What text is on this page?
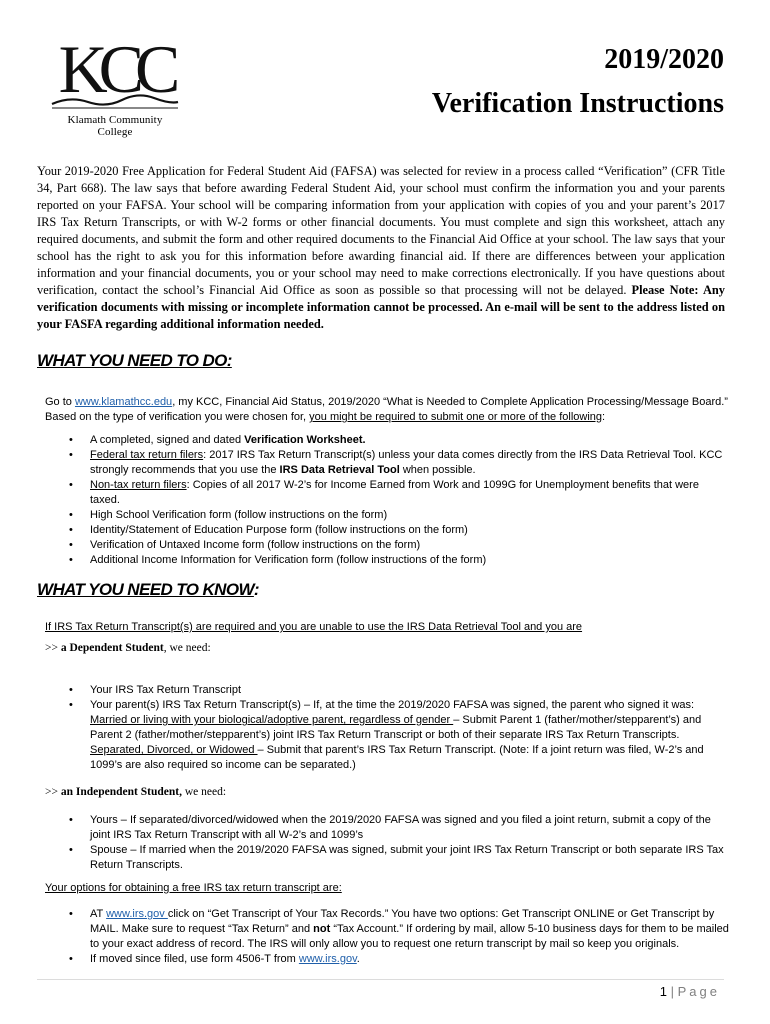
KCC
Klamath Community College
2019/2020
Verification Instructions
Your 2019-2020 Free Application for Federal Student Aid (FAFSA) was selected for review in a process called “Verification” (CFR Title 34, Part 668). The law says that before awarding Federal Student Aid, your school must confirm the information you and your parents reported on your FAFSA. Your school will be comparing information from your application with copies of you and your parent’s 2017 IRS Tax Return Transcripts, or with W-2 forms or other financial documents. You must complete and sign this worksheet, attach any required documents, and submit the form and other required documents to the Financial Aid Office at your school. The law says that your school has the right to ask you for this information before awarding financial aid. If there are differences between your application information and your financial documents, you or your school may need to make corrections electronically. If you have questions about verification, contact the school’s Financial Aid Office as soon as possible so that processing will not be delayed. Please Note: Any verification documents with missing or incomplete information cannot be processed. An e-mail will be sent to the address listed on your FASFA regarding additional information needed.
WHAT YOU NEED TO DO:
Go to www.klamathcc.edu, my KCC, Financial Aid Status, 2019/2020 “What is Needed to Complete Application Processing/Message Board.” Based on the type of verification you were chosen for, you might be required to submit one or more of the following:
• A completed, signed and dated Verification Worksheet.
• Federal tax return filers: 2017 IRS Tax Return Transcript(s) unless your data comes directly from the IRS Data Retrieval Tool. KCC strongly recommends that you use the IRS Data Retrieval Tool when possible.
• Non-tax return filers: Copies of all 2017 W-2’s for Income Earned from Work and 1099G for Unemployment benefits that were taxed.
• High School Verification form (follow instructions on the form)
• Identity/Statement of Education Purpose form (follow instructions on the form)
• Verification of Untaxed Income form (follow instructions on the form)
• Additional Income Information for Verification form (follow instructions of the form)
WHAT YOU NEED TO KNOW:
If IRS Tax Return Transcript(s) are required and you are unable to use the IRS Data Retrieval Tool and you are
>> a Dependent Student, we need:
• Your IRS Tax Return Transcript
• Your parent(s) IRS Tax Return Transcript(s) – If, at the time the 2019/2020 FAFSA was signed, the parent who signed it was: Married or living with your biological/adoptive parent, regardless of gender – Submit Parent 1 (father/mother/stepparent’s) and Parent 2 (father/mother/stepparent’s) joint IRS Tax Return Transcript or both of their separate IRS Tax Return Transcripts. Separated, Divorced, or Widowed – Submit that parent’s IRS Tax Return Transcript. (Note: If a joint return was filed, W-2’s and 1099’s are also required so income can be separated.)
>> an Independent Student, we need:
• Yours – If separated/divorced/widowed when the 2019/2020 FAFSA was signed and you filed a joint return, submit a copy of the joint IRS Tax Return Transcript with all W-2’s and 1099’s
• Spouse – If married when the 2019/2020 FAFSA was signed, submit your joint IRS Tax Return Transcript or both separate IRS Tax Return Transcripts.
Your options for obtaining a free IRS tax return transcript are:
• AT www.irs.gov click on “Get Transcript of Your Tax Records.” You have two options: Get Transcript ONLINE or Get Transcript by MAIL. Make sure to request “Tax Return” and not “Tax Account.” If ordering by mail, allow 5-10 business days for them to be mailed to your exact address of record. The IRS will only allow you to request one return transcript by mail so keep you originals.
• If moved since filed, use form 4506-T from www.irs.gov.
1 | Page
